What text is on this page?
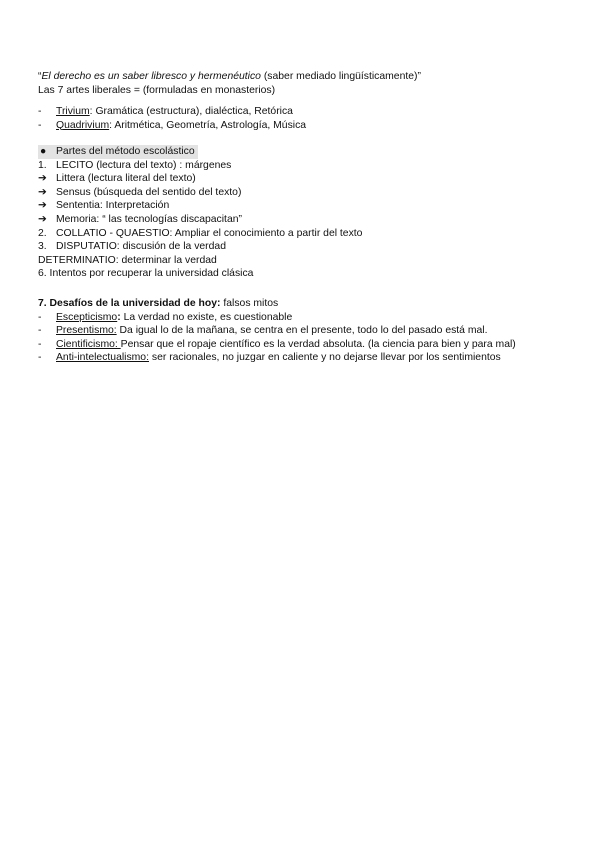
“El derecho es un saber libresco y hermenéutico (saber mediado lingüísticamente)”
Las 7 artes liberales = (formuladas en monasterios)
-	Trivium: Gramática (estructura), dialéctica, Retórica
-	Quadrivium: Aritmética, Geometría, Astrología, Música
● Partes del método escolástico
1. LECITO (lectura del texto) : márgenes
➔ Littera (lectura literal del texto)
➔ Sensus (búsqueda del sentido del texto)
➔ Sententia: Interpretación
➔ Memoria: “ las tecnologías discapacitan”
2. COLLATIO - QUAESTIO: Ampliar el conocimiento a partir del texto
3. DISPUTATIO: discusión de la verdad
DETERMINATIO: determinar la verdad
6. Intentos por recuperar la universidad clásica
7. Desafíos de la universidad de hoy: falsos mitos
-	Escepticismo: La verdad no existe, es cuestionable
-	Presentismo: Da igual lo de la mañana, se centra en el presente, todo lo del pasado está mal.
-	Cientificismo: Pensar que el ropaje científico es la verdad absoluta. (la ciencia para bien y para mal)
-	Anti-intelectualismo: ser racionales, no juzgar en caliente y no dejarse llevar por los sentimientos
